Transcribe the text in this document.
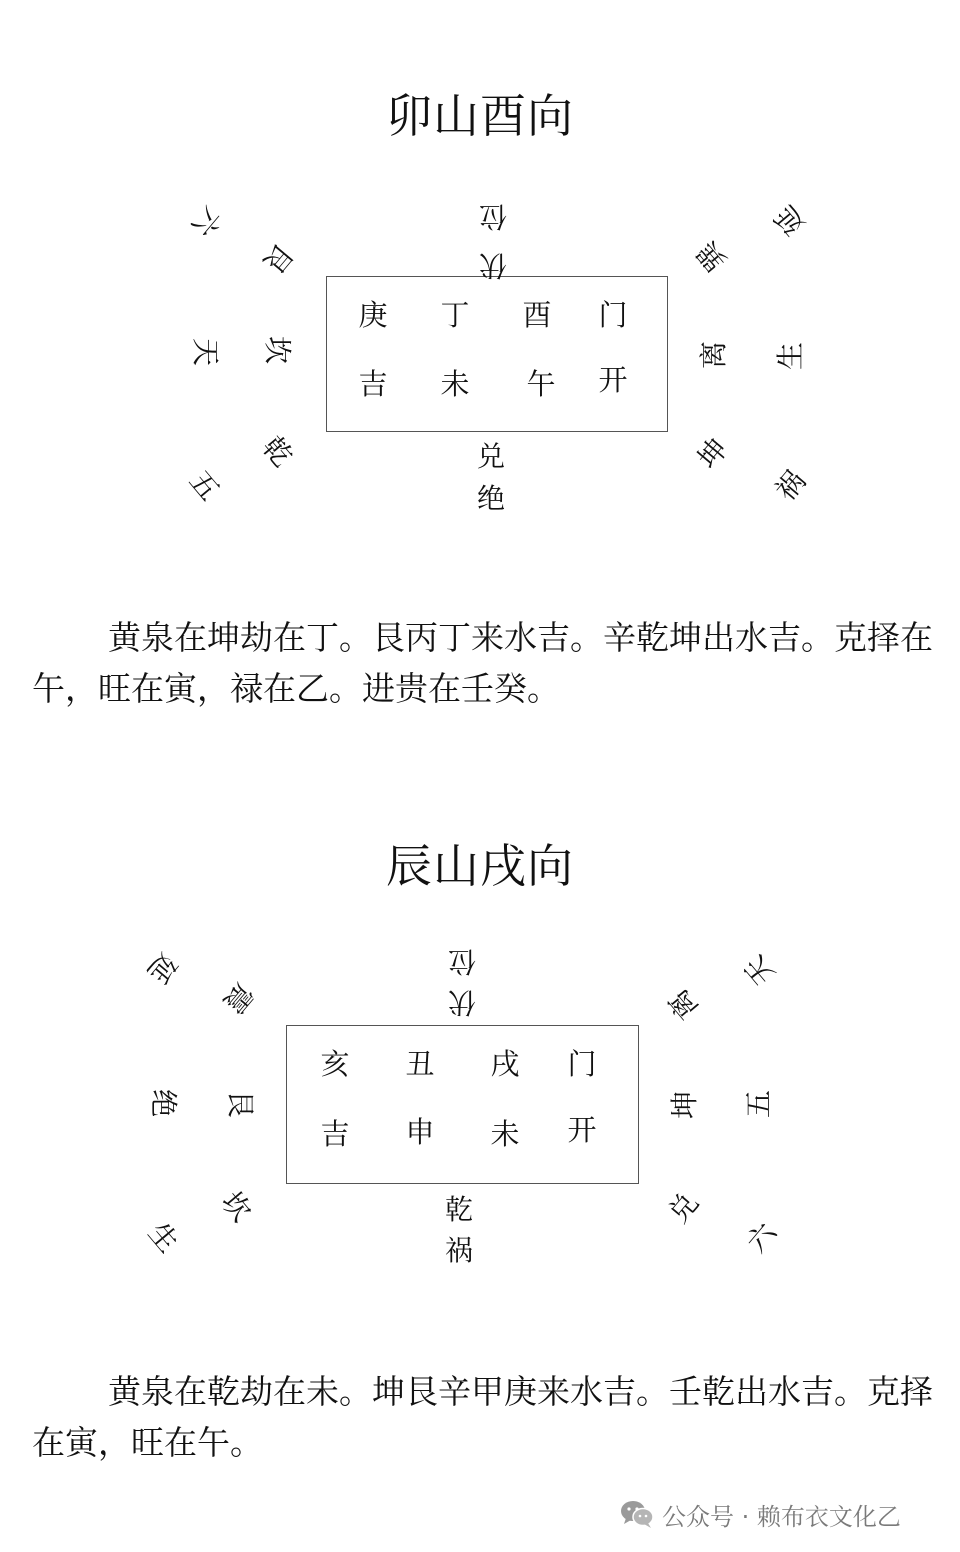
卯山酉向
庚	丁	酉	门
吉	未	午	开
伏
位
兑
绝
艮
坎
乾
六
天
五
巽
离
坤
延
生
祸
黄泉在坤劫在丁。艮丙丁来水吉。辛乾坤出水吉。克择在午，旺在寅，禄在乙。进贵在壬癸。
辰山戌向
亥	丑	戌	门
吉	申	未	开
伏
位
乾
祸
震
艮
坎
延
绝
生
离
坤
兑
天
五
六
黄泉在乾劫在未。坤艮辛甲庚来水吉。壬乾出水吉。克择在寅，旺在午。
公众号 · 赖布衣文化乙
